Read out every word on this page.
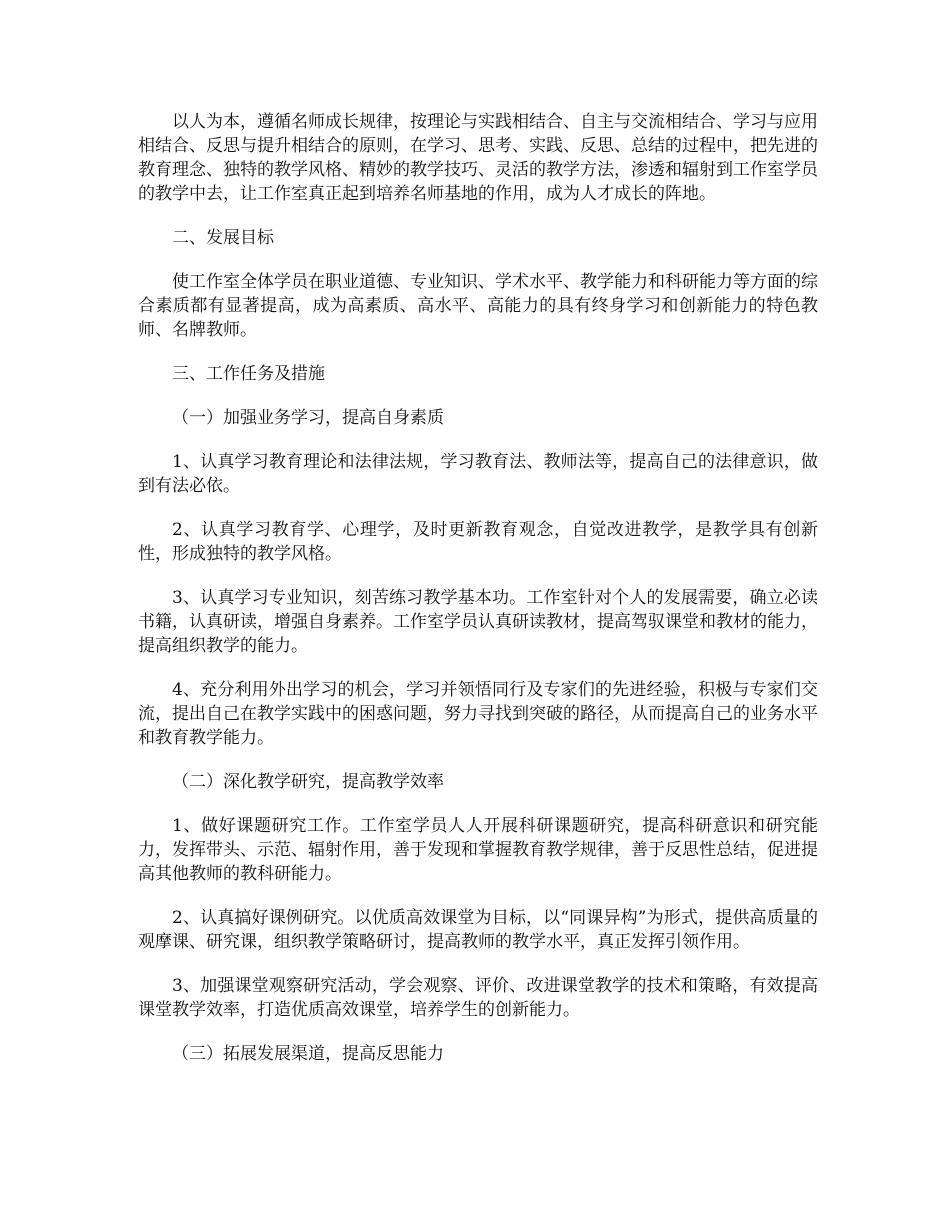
以人为本，遵循名师成长规律，按理论与实践相结合、自主与交流相结合、学习与应用相结合、反思与提升相结合的原则，在学习、思考、实践、反思、总结的过程中，把先进的教育理念、独特的教学风格、精妙的教学技巧、灵活的教学方法，渗透和辐射到工作室学员的教学中去，让工作室真正起到培养名师基地的作用，成为人才成长的阵地。

二、发展目标

使工作室全体学员在职业道德、专业知识、学术水平、教学能力和科研能力等方面的综合素质都有显著提高，成为高素质、高水平、高能力的具有终身学习和创新能力的特色教师、名牌教师。

三、工作任务及措施

（一）加强业务学习，提高自身素质

1、认真学习教育理论和法律法规，学习教育法、教师法等，提高自己的法律意识，做到有法必依。

2、认真学习教育学、心理学，及时更新教育观念，自觉改进教学，是教学具有创新性，形成独特的教学风格。

3、认真学习专业知识，刻苦练习教学基本功。工作室针对个人的发展需要，确立必读书籍，认真研读，增强自身素养。工作室学员认真研读教材，提高驾驭课堂和教材的能力，提高组织教学的能力。

4、充分利用外出学习的机会，学习并领悟同行及专家们的先进经验，积极与专家们交流，提出自己在教学实践中的困惑问题，努力寻找到突破的路径，从而提高自己的业务水平和教育教学能力。

（二）深化教学研究，提高教学效率

1、做好课题研究工作。工作室学员人人开展科研课题研究，提高科研意识和研究能力，发挥带头、示范、辐射作用，善于发现和掌握教育教学规律，善于反思性总结，促进提高其他教师的教科研能力。

2、认真搞好课例研究。以优质高效课堂为目标，以“同课异构”为形式，提供高质量的观摩课、研究课，组织教学策略研讨，提高教师的教学水平，真正发挥引领作用。

3、加强课堂观察研究活动，学会观察、评价、改进课堂教学的技术和策略，有效提高课堂教学效率，打造优质高效课堂，培养学生的创新能力。

（三）拓展发展渠道，提高反思能力
